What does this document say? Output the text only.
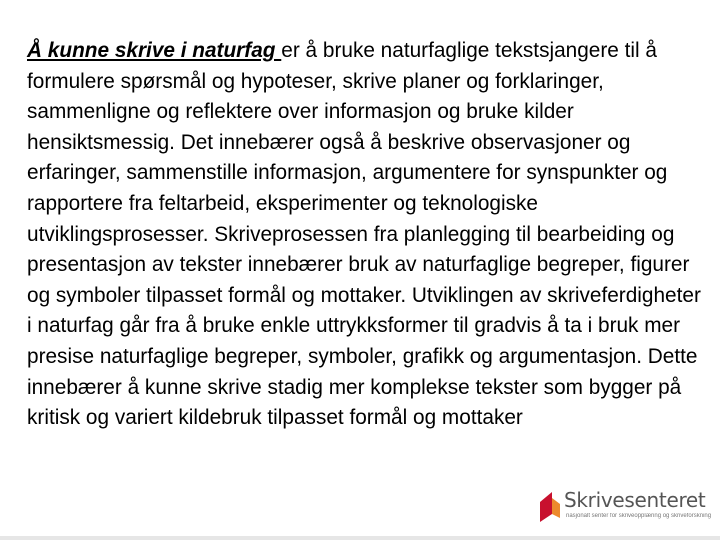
Å kunne skrive i naturfag er å bruke naturfaglige tekstsjangere til å formulere spørsmål og hypoteser, skrive planer og forklaringer, sammenligne og reflektere over informasjon og bruke kilder hensiktsmessig. Det innebærer også å beskrive observasjoner og erfaringer, sammenstille informasjon, argumentere for synspunkter og rapportere fra feltarbeid, eksperimenter og teknologiske utviklingsprosesser. Skriveprosessen fra planlegging til bearbeiding og presentasjon av tekster innebærer bruk av naturfaglige begreper, figurer og symboler tilpasset formål og mottaker. Utviklingen av skriveferdigheter i naturfag går fra å bruke enkle uttrykksformer til gradvis å ta i bruk mer presise naturfaglige begreper, symboler, grafikk og argumentasjon. Dette innebærer å kunne skrive stadig mer komplekse tekster som bygger på kritisk og variert kildebruk tilpasset formål og mottaker

Skrivesenteret
nasjonalt senter for skriveopplæring og skriveforskning
